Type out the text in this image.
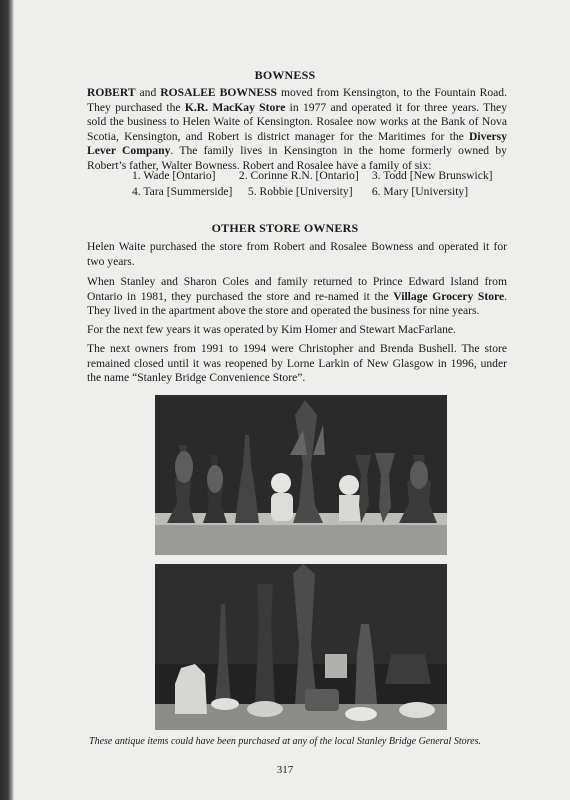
BOWNESS

ROBERT and ROSALEE BOWNESS moved from Kensington, to the Fountain Road. They purchased the K.R. MacKay Store in 1977 and operated it for three years. They sold the business to Helen Waite of Kensington. Rosalee now works at the Bank of Nova Scotia, Kensington, and Robert is district manager for the Maritimes for the Diversy Lever Company. The family lives in Kensington in the home formerly owned by Robert’s father, Walter Bowness. Robert and Rosalee have a family of six:

1. Wade [Ontario] 2. Corinne R.N. [Ontario] 3. Todd [New Brunswick]
4. Tara [Summerside] 5. Robbie [University] 6. Mary [University]
OTHER STORE OWNERS

Helen Waite purchased the store from Robert and Rosalee Bowness and operated it for two years.

When Stanley and Sharon Coles and family returned to Prince Edward Island from Ontario in 1981, they purchased the store and re-named it the Village Grocery Store. They lived in the apartment above the store and operated the business for nine years.

For the next few years it was operated by Kim Homer and Stewart MacFarlane.

The next owners from 1991 to 1994 were Christopher and Brenda Bushell. The store remained closed until it was reopened by Lorne Larkin of New Glasgow in 1996, under the name “Stanley Bridge Convenience Store”.

These antique items could have been purchased at any of the local Stanley Bridge General Stores.
317
